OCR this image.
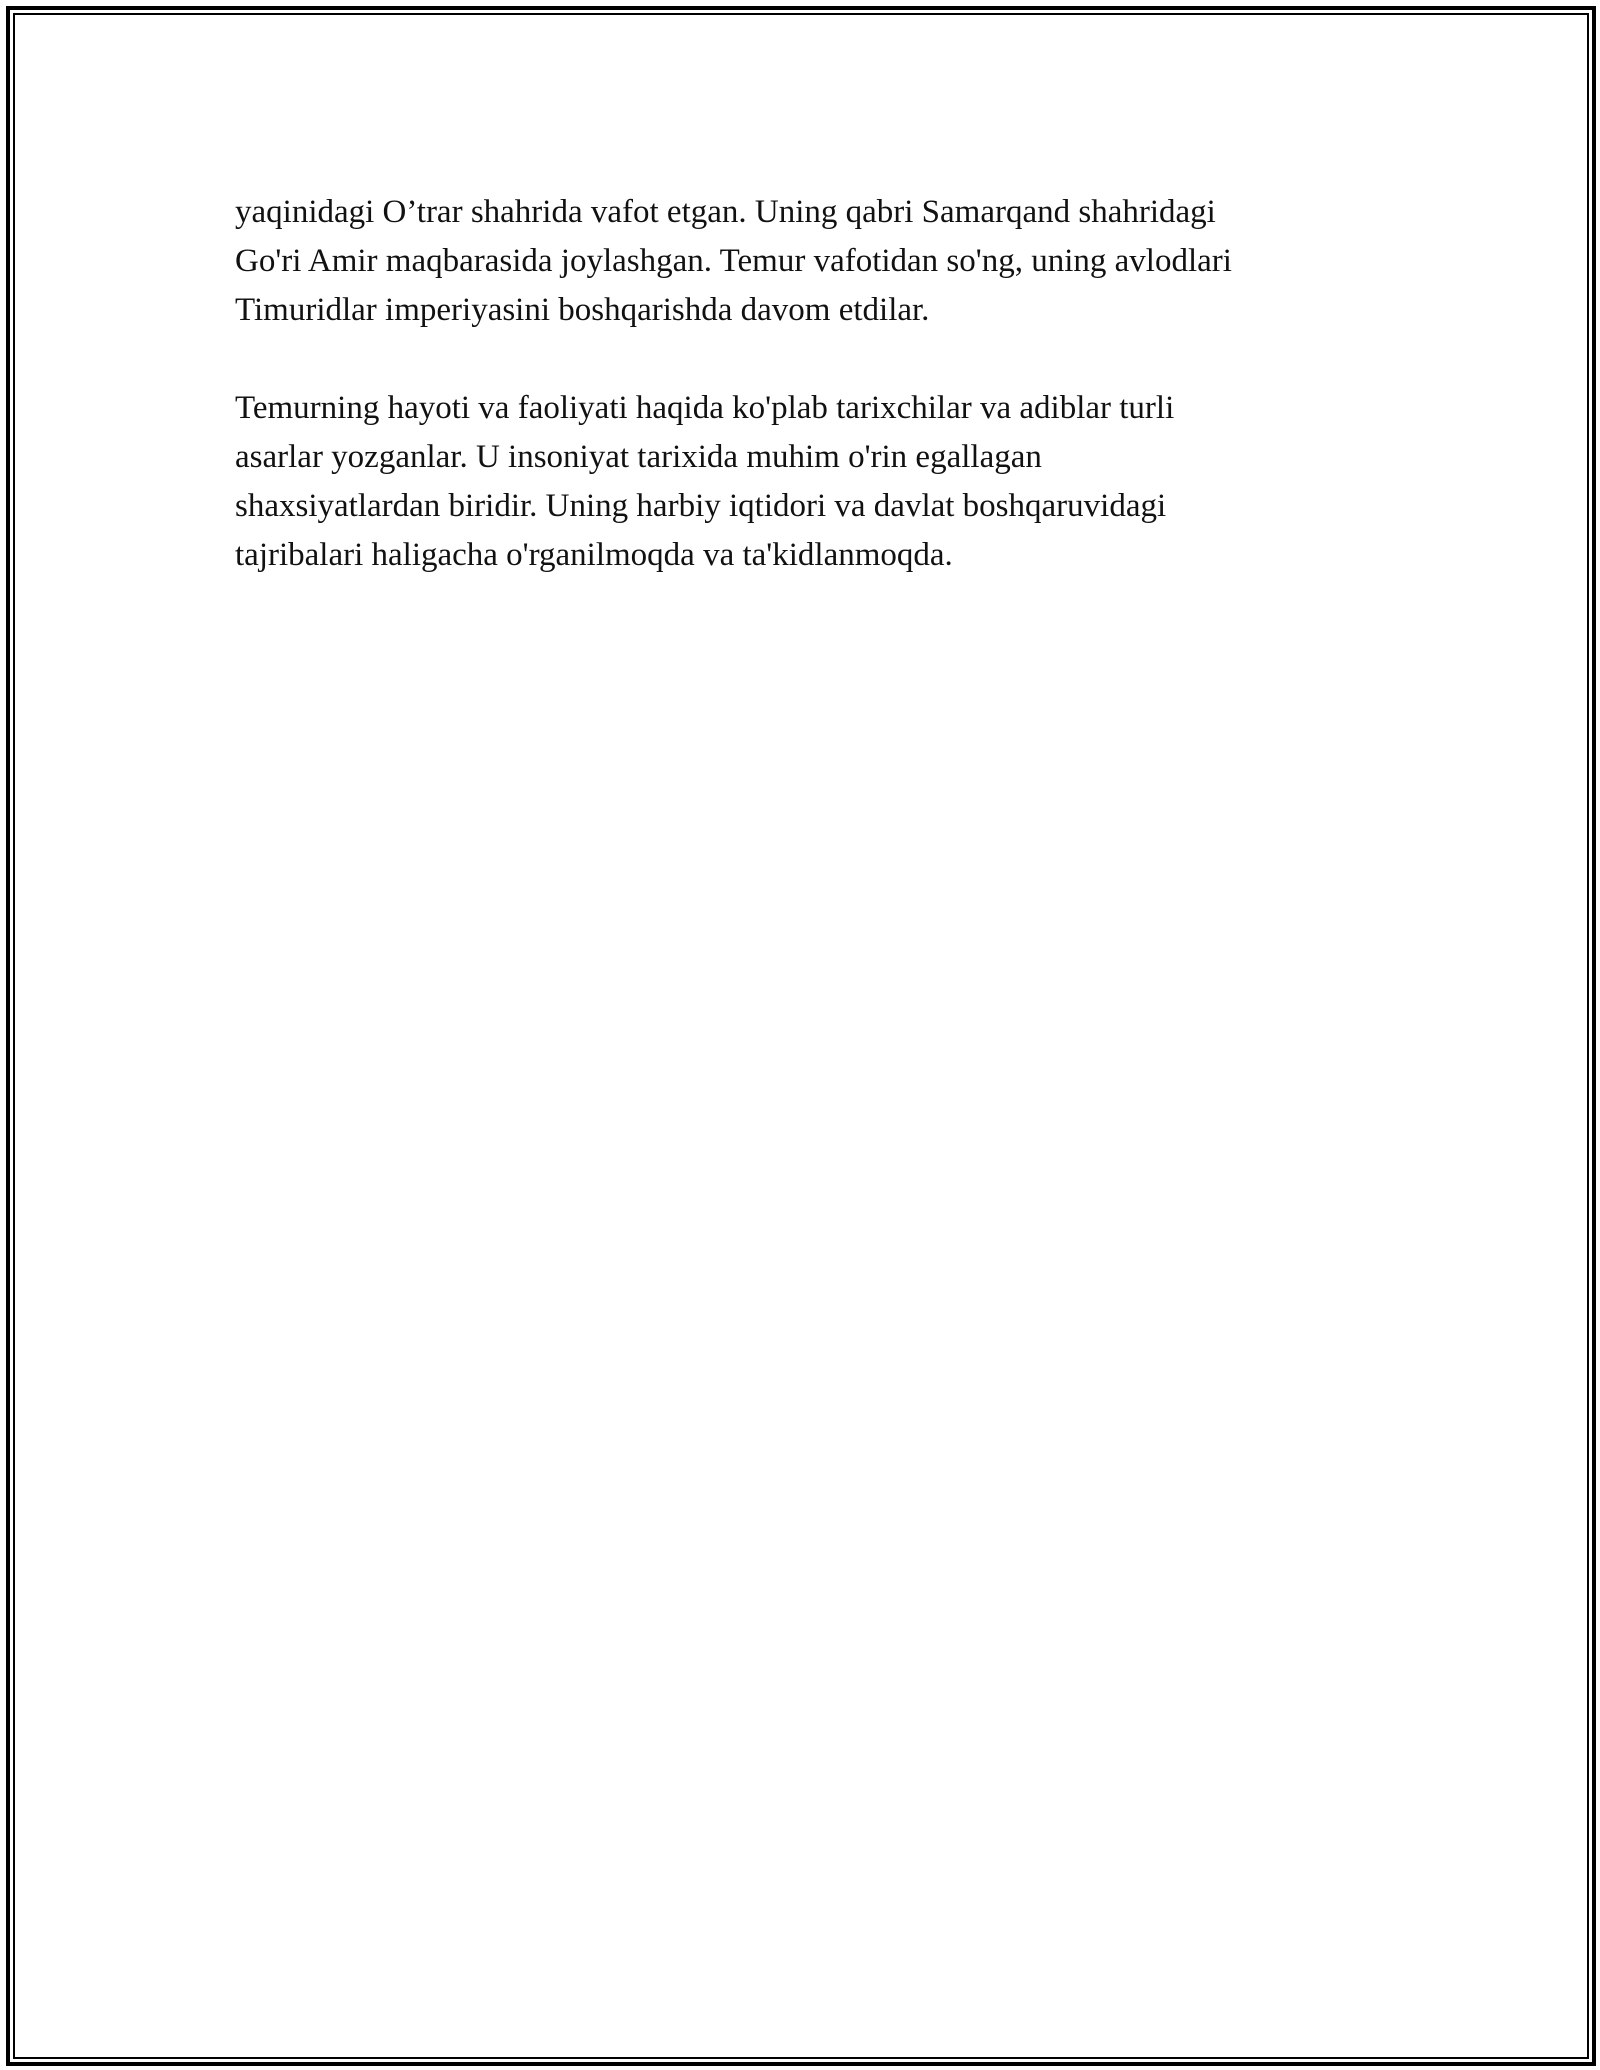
yaqinidagi O’trar shahrida vafot etgan. Uning qabri Samarqand shahridagi
Go'ri Amir maqbarasida joylashgan. Temur vafotidan so'ng, uning avlodlari
Timuridlar imperiyasini boshqarishda davom etdilar.

Temurning hayoti va faoliyati haqida ko'plab tarixchilar va adiblar turli
asarlar yozganlar. U insoniyat tarixida muhim o'rin egallagan
shaxsiyatlardan biridir. Uning harbiy iqtidori va davlat boshqaruvidagi
tajribalari haligacha o'rganilmoqda va ta'kidlanmoqda.
